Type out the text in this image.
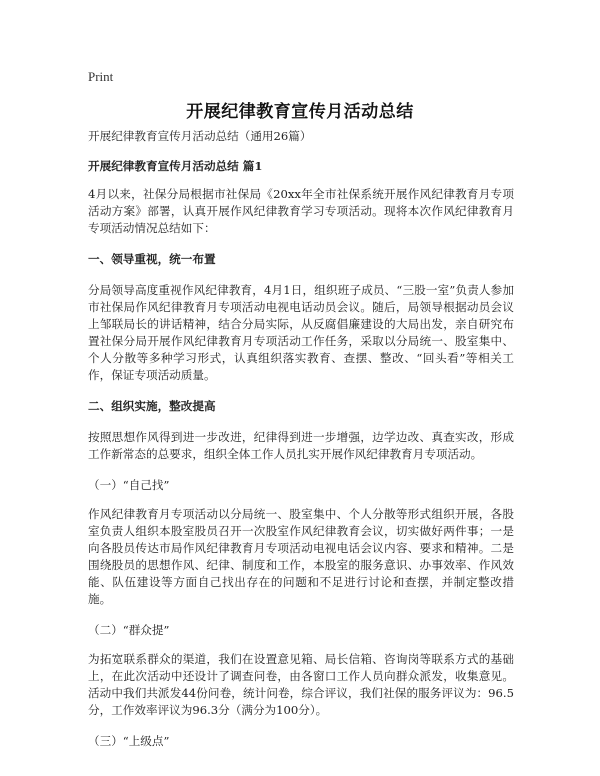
Print
开展纪律教育宣传月活动总结

开展纪律教育宣传月活动总结（通用26篇）

开展纪律教育宣传月活动总结 篇1

4月以来，社保分局根据市社保局《20xx年全市社保系统开展作风纪律教育月专项活动方案》部署，认真开展作风纪律教育学习专项活动。现将本次作风纪律教育月专项活动情况总结如下：

一、领导重视，统一布置

分局领导高度重视作风纪律教育，4月1日，组织班子成员、“三股一室”负责人参加市社保局作风纪律教育月专项活动电视电话动员会议。随后，局领导根据动员会议上邹联局长的讲话精神，结合分局实际，从反腐倡廉建设的大局出发，亲自研究布置社保分局开展作风纪律教育月专项活动工作任务，采取以分局统一、股室集中、个人分散等多种学习形式，认真组织落实教育、查摆、整改、“回头看”等相关工作，保证专项活动质量。

二、组织实施，整改提高

按照思想作风得到进一步改进，纪律得到进一步增强，边学边改、真查实改，形成工作新常态的总要求，组织全体工作人员扎实开展作风纪律教育月专项活动。

（一）“自己找”

作风纪律教育月专项活动以分局统一、股室集中、个人分散等形式组织开展，各股室负责人组织本股室股员召开一次股室作风纪律教育会议，切实做好两件事；一是向各股员传达市局作风纪律教育月专项活动电视电话会议内容、要求和精神。二是围绕股员的思想作风、纪律、制度和工作，本股室的服务意识、办事效率、作风效能、队伍建设等方面自己找出存在的问题和不足进行讨论和查摆，并制定整改措施。

（二）“群众提”

为拓宽联系群众的渠道，我们在设置意见箱、局长信箱、咨询岗等联系方式的基础上，在此次活动中还设计了调查问卷，由各窗口工作人员向群众派发，收集意见。活动中我们共派发44份问卷，统计问卷，综合评议，我们社保的服务评议为：96.5分，工作效率评议为96.3分（满分为100分）。

（三）“上级点”
